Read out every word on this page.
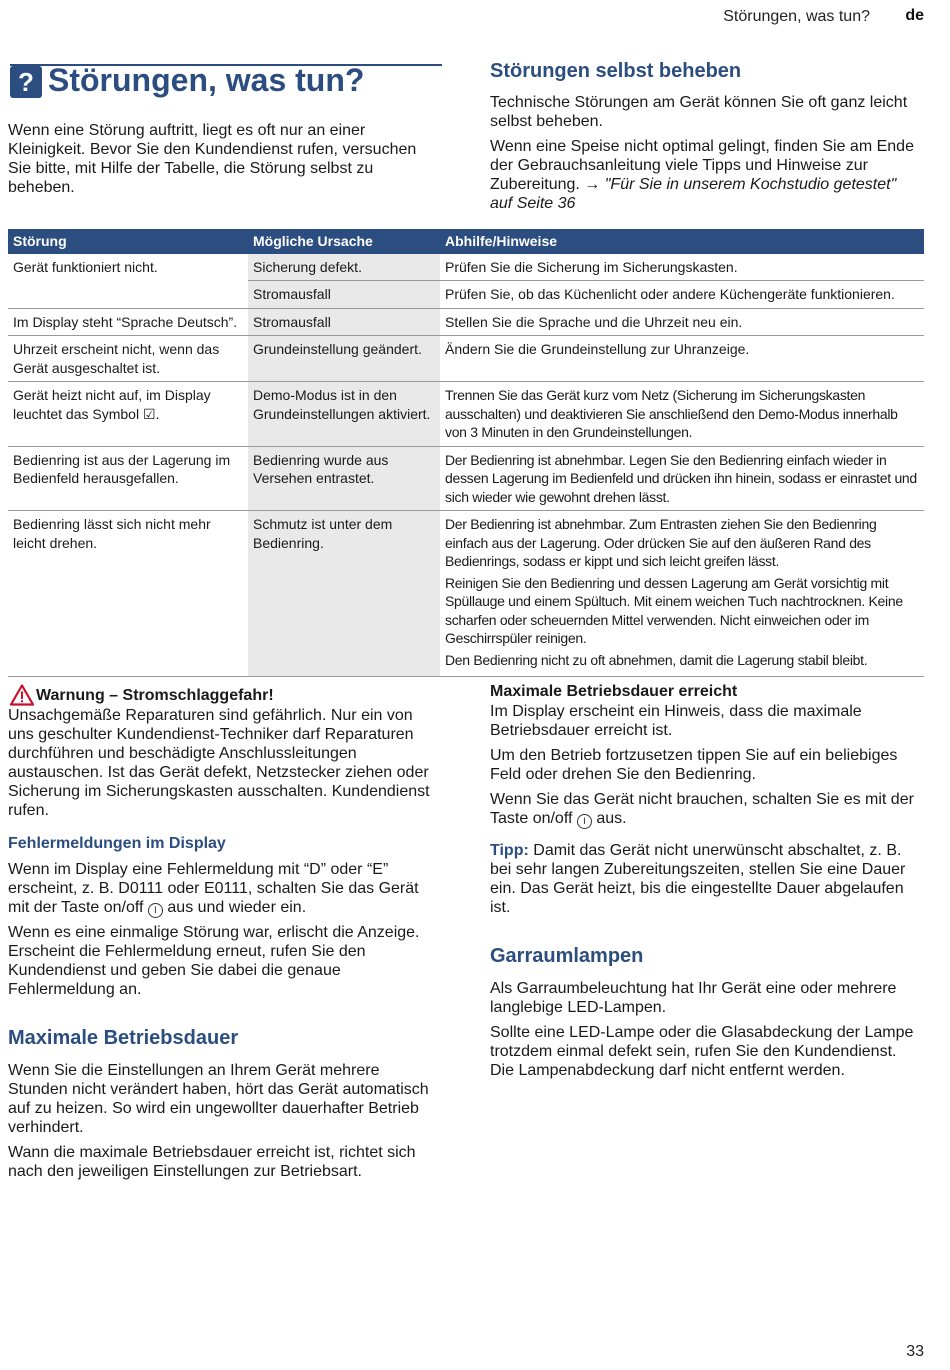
Störungen, was tun? de
? Störungen, was tun?

Wenn eine Störung auftritt, liegt es oft nur an einer Kleinigkeit. Bevor Sie den Kundendienst rufen, versuchen Sie bitte, mit Hilfe der Tabelle, die Störung selbst zu beheben.

Störungen selbst beheben

Technische Störungen am Gerät können Sie oft ganz leicht selbst beheben.

Wenn eine Speise nicht optimal gelingt, finden Sie am Ende der Gebrauchsanleitung viele Tipps und Hinweise zur Zubereitung. → "Für Sie in unserem Kochstudio getestet" auf Seite 36

Störung	Mögliche Ursache	Abhilfe/Hinweise
Gerät funktioniert nicht.	Sicherung defekt.	Prüfen Sie die Sicherung im Sicherungskasten.
	Stromausfall	Prüfen Sie, ob das Küchenlicht oder andere Küchengeräte funktionieren.
Im Display steht “Sprache Deutsch”.	Stromausfall	Stellen Sie die Sprache und die Uhrzeit neu ein.
Uhrzeit erscheint nicht, wenn das Gerät ausgeschaltet ist.	Grundeinstellung geändert.	Ändern Sie die Grundeinstellung zur Uhranzeige.
Gerät heizt nicht auf, im Display leuchtet das Symbol ☑.	Demo-Modus ist in den Grundeinstellungen aktiviert.	Trennen Sie das Gerät kurz vom Netz (Sicherung im Sicherungskasten ausschalten) und deaktivieren Sie anschließend den Demo-Modus innerhalb von 3 Minuten in den Grundeinstellungen.
Bedienring ist aus der Lagerung im Bedienfeld herausgefallen.	Bedienring wurde aus Versehen entrastet.	Der Bedienring ist abnehmbar. Legen Sie den Bedienring einfach wieder in dessen Lagerung im Bedienfeld und drücken ihn hinein, sodass er einrastet und sich wieder wie gewohnt drehen lässt.
Bedienring lässt sich nicht mehr leicht drehen.	Schmutz ist unter dem Bedienring.	Der Bedienring ist abnehmbar. Zum Entrasten ziehen Sie den Bedienring einfach aus der Lagerung. Oder drücken Sie auf den äußeren Rand des Bedienrings, sodass er kippt und sich leicht greifen lässt.
Reinigen Sie den Bedienring und dessen Lagerung am Gerät vorsichtig mit Spüllauge und einem Spültuch. Mit einem weichen Tuch nachtrocknen. Keine scharfen oder scheuernden Mittel verwenden. Nicht einweichen oder im Geschirrspüler reinigen.
Den Bedienring nicht zu oft abnehmen, damit die Lagerung stabil bleibt.
Warnung – Stromschlaggefahr!

Unsachgemäße Reparaturen sind gefährlich. Nur ein von uns geschulter Kundendienst-Techniker darf Reparaturen durchführen und beschädigte Anschlussleitungen austauschen. Ist das Gerät defekt, Netzstecker ziehen oder Sicherung im Sicherungskasten ausschalten. Kundendienst rufen.

Fehlermeldungen im Display

Wenn im Display eine Fehlermeldung mit “D” oder “E” erscheint, z. B. D0111 oder E0111, schalten Sie das Gerät mit der Taste on/off I aus und wieder ein.

Wenn es eine einmalige Störung war, erlischt die Anzeige. Erscheint die Fehlermeldung erneut, rufen Sie den Kundendienst und geben Sie dabei die genaue Fehlermeldung an.

Maximale Betriebsdauer

Wenn Sie die Einstellungen an Ihrem Gerät mehrere Stunden nicht verändert haben, hört das Gerät automatisch auf zu heizen. So wird ein ungewollter dauerhafter Betrieb verhindert.

Wann die maximale Betriebsdauer erreicht ist, richtet sich nach den jeweiligen Einstellungen zur Betriebsart.

Maximale Betriebsdauer erreicht

Im Display erscheint ein Hinweis, dass die maximale Betriebsdauer erreicht ist.

Um den Betrieb fortzusetzen tippen Sie auf ein beliebiges Feld oder drehen Sie den Bedienring.

Wenn Sie das Gerät nicht brauchen, schalten Sie es mit der Taste on/off I aus.

Tipp: Damit das Gerät nicht unerwünscht abschaltet, z. B. bei sehr langen Zubereitungszeiten, stellen Sie eine Dauer ein. Das Gerät heizt, bis die eingestellte Dauer abgelaufen ist.

Garraumlampen

Als Garraumbeleuchtung hat Ihr Gerät eine oder mehrere langlebige LED-Lampen.

Sollte eine LED-Lampe oder die Glasabdeckung der Lampe trotzdem einmal defekt sein, rufen Sie den Kundendienst. Die Lampenabdeckung darf nicht entfernt werden.

33
